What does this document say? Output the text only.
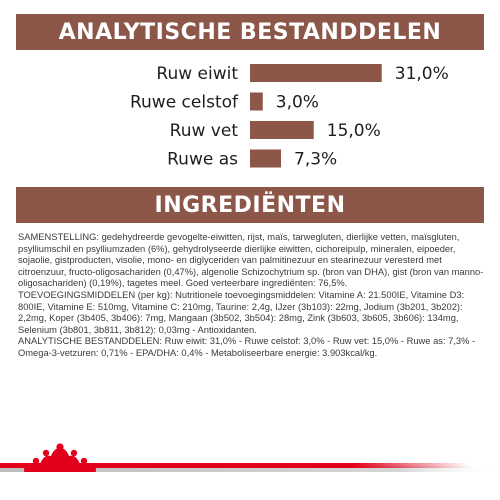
ANALYTISCHE BESTANDDELEN
Ruw eiwit	31,0%
Ruwe celstof 3,0%
Ruw vet	15,0%
Ruwe as	7,3%
INGREDIËNTEN

SAMENSTELLING: gedehydreerde gevogelte-eiwitten, rijst, maïs, tarwegluten, dierlijke vetten, maïsgluten, psylliumschil en psylliumzaden (6%), gehydrolyseerde dierlijke eiwitten, cichoreipulp, mineralen, eipoeder, sojaolie, gistproducten, visolie, mono- en diglyceriden van palmitinezuur en stearinezuur veresterd met citroenzuur, fructo-oligosachariden (0,47%), algenolie Schizochytrium sp. (bron van DHA), gist (bron van manno-oligosachariden) (0,19%), tagetes meel. Goed verteerbare ingrediënten: 76,5%.
TOEVOEGINGSMIDDELEN (per kg): Nutritionele toevoegingsmiddelen: Vitamine A: 21.500IE, Vitamine D3: 800IE, Vitamine E: 510mg, Vitamine C: 210mg, Taurine: 2,4g, IJzer (3b103): 22mg, Jodium (3b201, 3b202): 2,2mg, Koper (3b405, 3b406): 7mg, Mangaan (3b502, 3b504): 28mg, Zink (3b603, 3b605, 3b606): 134mg, Selenium (3b801, 3b811, 3b812): 0,03mg - Antioxidanten.
ANALYTISCHE BESTANDDELEN: Ruw eiwit: 31,0% - Ruwe celstof: 3,0% - Ruw vet: 15,0% - Ruwe as: 7,3% - Omega-3-vetzuren: 0,71% - EPA/DHA: 0,4% - Metaboliseerbare energie: 3.903kcal/kg.
